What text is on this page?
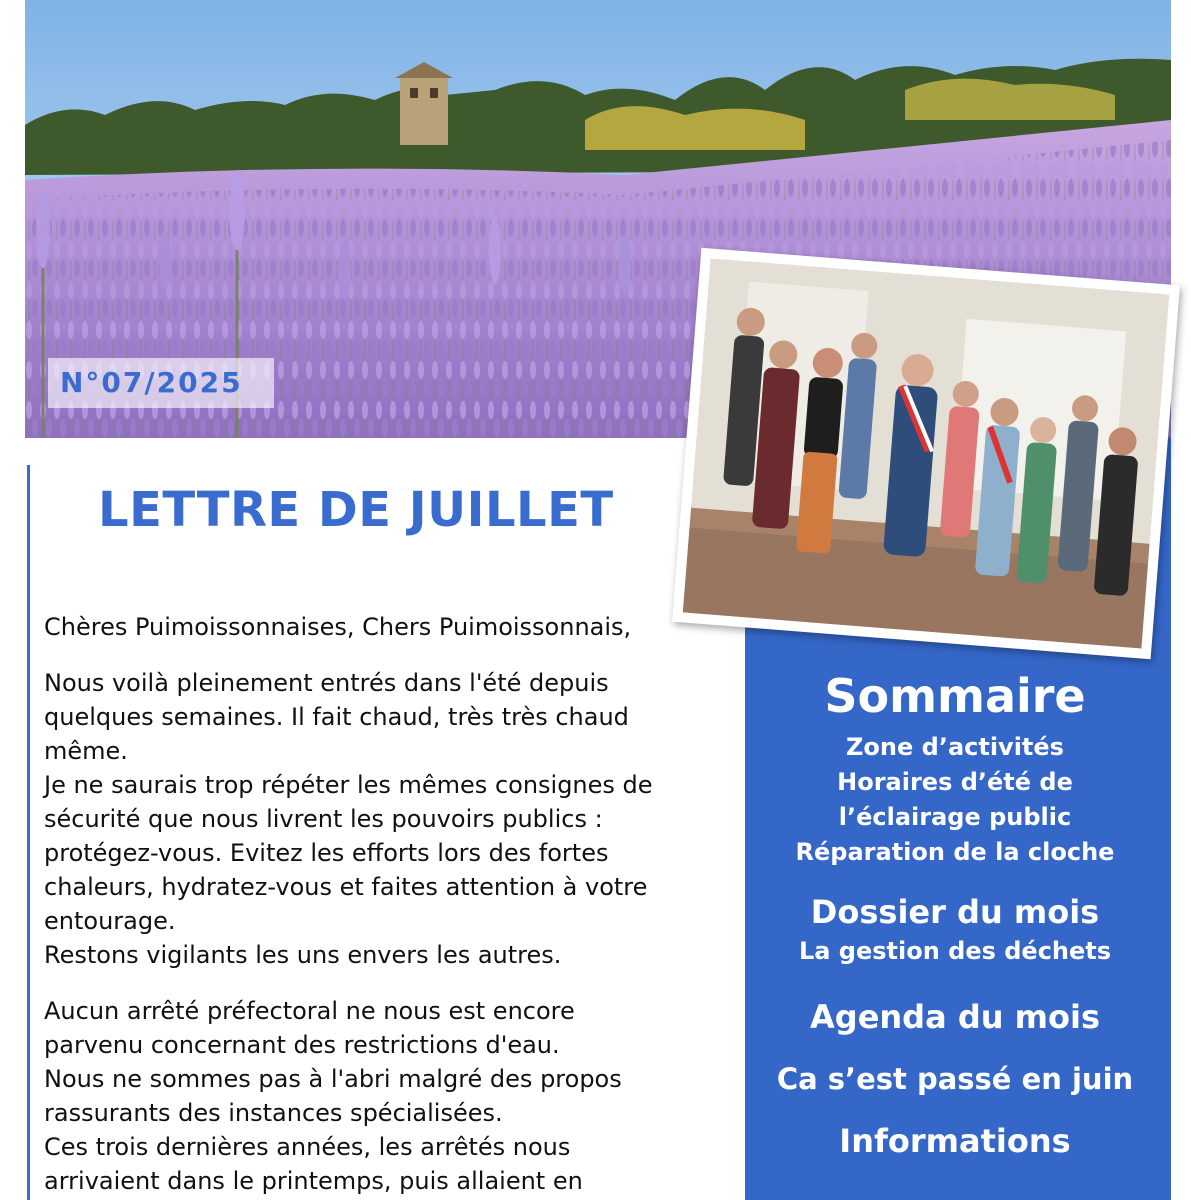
N°07/2025
LETTRE DE JUILLET

Chères Puimoissonnaises, Chers Puimoissonnais,

Nous voilà pleinement entrés dans l'été depuis

quelques semaines. Il fait chaud, très très chaud

même.

Je ne saurais trop répéter les mêmes consignes de

sécurité que nous livrent les pouvoirs publics :

protégez-vous. Evitez les efforts lors des fortes

chaleurs, hydratez-vous et faites attention à votre

entourage.

Restons vigilants les uns envers les autres.

Aucun arrêté préfectoral ne nous est encore

parvenu concernant des restrictions d'eau.

Nous ne sommes pas à l'abri malgré des propos

rassurants des instances spécialisées.

Ces trois dernières années, les arrêtés nous

arrivaient dans le printemps, puis allaient en

Sommaire

Zone d’activités

Horaires d’été de

l’éclairage public

Réparation de la cloche

Dossier du mois

La gestion des déchets

Agenda du mois

Ca s’est passé en juin

Informations
